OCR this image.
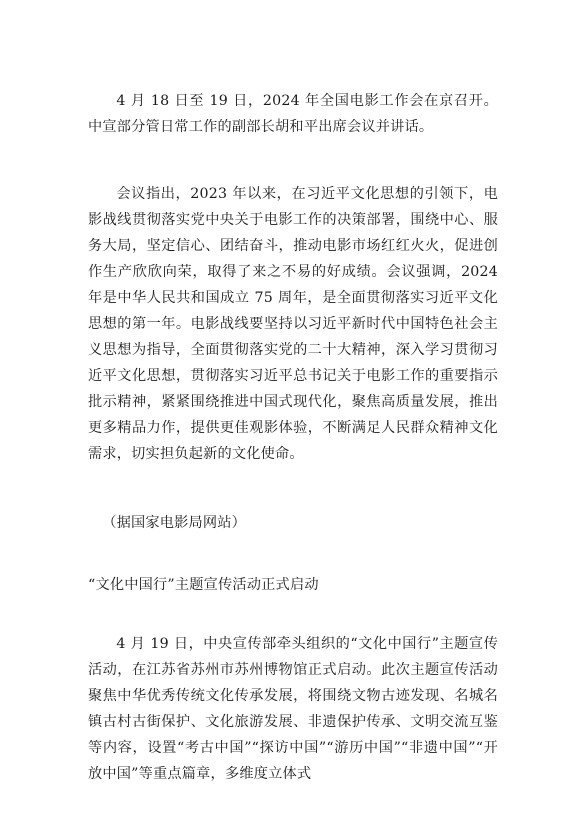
4 月 18 日至 19 日，2024 年全国电影工作会在京召开。中宣部分管日常工作的副部长胡和平出席会议并讲话。

会议指出，2023 年以来，在习近平文化思想的引领下，电影战线贯彻落实党中央关于电影工作的决策部署，围绕中心、服务大局，坚定信心、团结奋斗，推动电影市场红红火火，促进创作生产欣欣向荣，取得了来之不易的好成绩。会议强调，2024 年是中华人民共和国成立 75 周年，是全面贯彻落实习近平文化思想的第一年。电影战线要坚持以习近平新时代中国特色社会主义思想为指导，全面贯彻落实党的二十大精神，深入学习贯彻习近平文化思想，贯彻落实习近平总书记关于电影工作的重要指示批示精神，紧紧围绕推进中国式现代化，聚焦高质量发展，推出更多精品力作，提供更佳观影体验，不断满足人民群众精神文化需求，切实担负起新的文化使命。

（据国家电影局网站）

“文化中国行”主题宣传活动正式启动

4 月 19 日，中央宣传部牵头组织的“文化中国行”主题宣传活动，在江苏省苏州市苏州博物馆正式启动。此次主题宣传活动聚焦中华优秀传统文化传承发展，将围绕文物古迹发现、名城名镇古村古街保护、文化旅游发展、非遗保护传承、文明交流互鉴等内容，设置“考古中国”“探访中国”“游历中国”“非遗中国”“开放中国”等重点篇章，多维度立体式
